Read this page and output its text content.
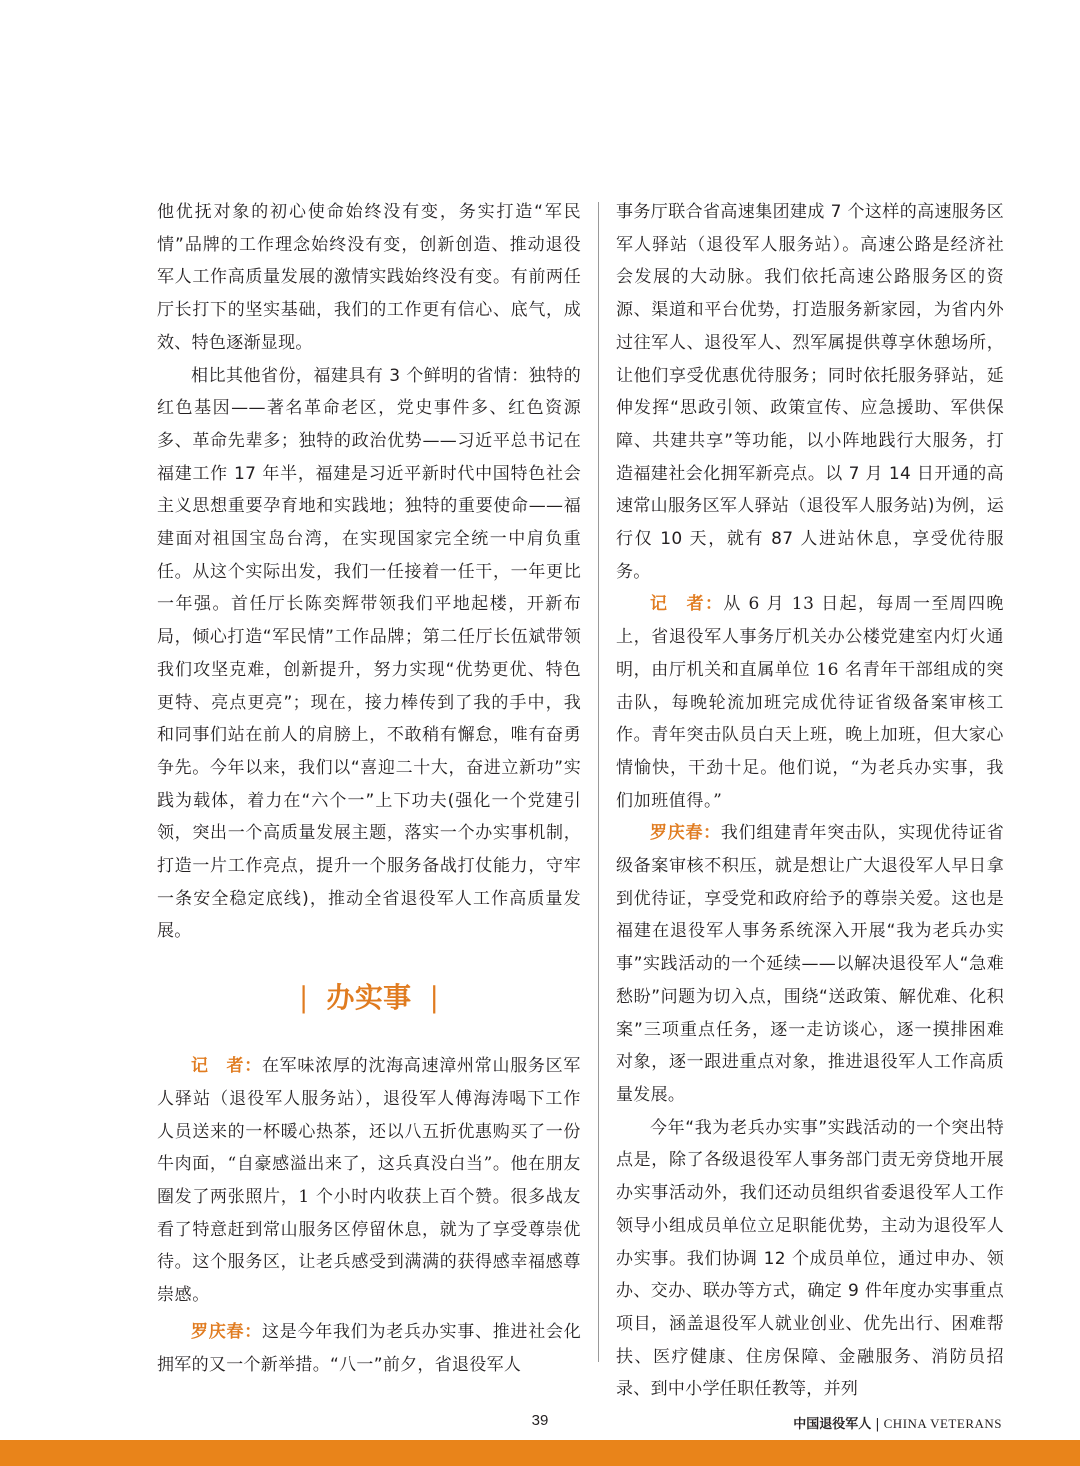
他优抚对象的初心使命始终没有变，务实打造“军民情”品牌的工作理念始终没有变，创新创造、推动退役军人工作高质量发展的激情实践始终没有变。有前两任厅长打下的坚实基础，我们的工作更有信心、底气，成效、特色逐渐显现。

相比其他省份，福建具有 3 个鲜明的省情：独特的红色基因——著名革命老区，党史事件多、红色资源多、革命先辈多；独特的政治优势——习近平总书记在福建工作 17 年半，福建是习近平新时代中国特色社会主义思想重要孕育地和实践地；独特的重要使命——福建面对祖国宝岛台湾，在实现国家完全统一中肩负重任。从这个实际出发，我们一任接着一任干，一年更比一年强。首任厅长陈奕辉带领我们平地起楼，开新布局，倾心打造“军民情”工作品牌；第二任厅长伍斌带领我们攻坚克难，创新提升，努力实现“优势更优、特色更特、亮点更亮”；现在，接力棒传到了我的手中，我和同事们站在前人的肩膀上，不敢稍有懈怠，唯有奋勇争先。今年以来，我们以“喜迎二十大，奋进立新功”实践为载体，着力在“六个一”上下功夫(强化一个党建引领，突出一个高质量发展主题，落实一个办实事机制，打造一片工作亮点，提升一个服务备战打仗能力，守牢一条安全稳定底线)，推动全省退役军人工作高质量发展。

| 办实事 |

记　者：在军味浓厚的沈海高速漳州常山服务区军人驿站（退役军人服务站），退役军人傅海涛喝下工作人员送来的一杯暖心热茶，还以八五折优惠购买了一份牛肉面，“自豪感溢出来了，这兵真没白当”。他在朋友圈发了两张照片，1 个小时内收获上百个赞。很多战友看了特意赶到常山服务区停留休息，就为了享受尊崇优待。这个服务区，让老兵感受到满满的获得感幸福感尊崇感。

罗庆春：这是今年我们为老兵办实事、推进社会化拥军的又一个新举措。“八一”前夕，省退役军人

事务厅联合省高速集团建成 7 个这样的高速服务区军人驿站（退役军人服务站）。高速公路是经济社会发展的大动脉。我们依托高速公路服务区的资源、渠道和平台优势，打造服务新家园，为省内外过往军人、退役军人、烈军属提供尊享休憩场所，让他们享受优惠优待服务；同时依托服务驿站，延伸发挥“思政引领、政策宣传、应急援助、军供保障、共建共享”等功能，以小阵地践行大服务，打造福建社会化拥军新亮点。以 7 月 14 日开通的高速常山服务区军人驿站（退役军人服务站)为例，运行仅 10 天，就有 87 人进站休息，享受优待服务。

记　者：从 6 月 13 日起，每周一至周四晚上，省退役军人事务厅机关办公楼党建室内灯火通明，由厅机关和直属单位 16 名青年干部组成的突击队，每晚轮流加班完成优待证省级备案审核工作。青年突击队员白天上班，晚上加班，但大家心情愉快，干劲十足。他们说，“为老兵办实事，我们加班值得。”

罗庆春：我们组建青年突击队，实现优待证省级备案审核不积压，就是想让广大退役军人早日拿到优待证，享受党和政府给予的尊崇关爱。这也是福建在退役军人事务系统深入开展“我为老兵办实事”实践活动的一个延续——以解决退役军人“急难愁盼”问题为切入点，围绕“送政策、解优难、化积案”三项重点任务，逐一走访谈心，逐一摸排困难对象，逐一跟进重点对象，推进退役军人工作高质量发展。

今年“我为老兵办实事”实践活动的一个突出特点是，除了各级退役军人事务部门责无旁贷地开展办实事活动外，我们还动员组织省委退役军人工作领导小组成员单位立足职能优势，主动为退役军人办实事。我们协调 12 个成员单位，通过申办、领办、交办、联办等方式，确定 9 件年度办实事重点项目，涵盖退役军人就业创业、优先出行、困难帮扶、医疗健康、住房保障、金融服务、消防员招录、到中小学任职任教等，并列

39	中国退役军人 | CHINA VETERANS
